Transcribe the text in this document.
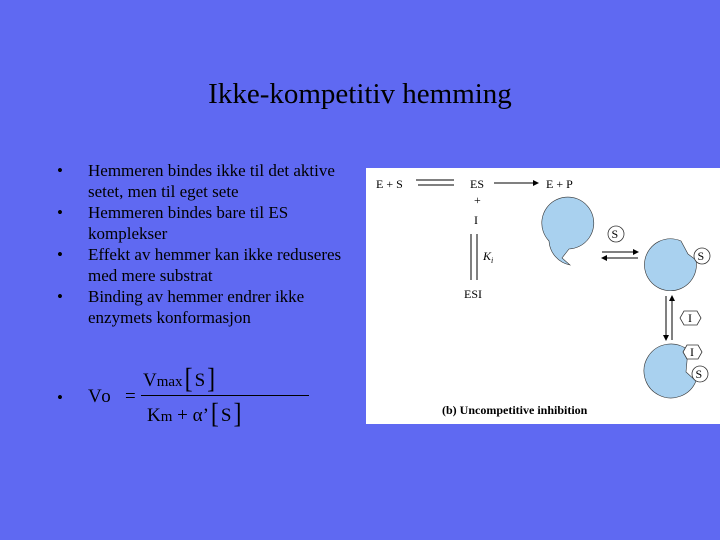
Ikke-kompetitiv hemming
• Hemmeren bindes ikke til det aktive setet, men til eget sete
• Hemmeren bindes bare til ES komplekser
• Effekt av hemmer kan ikke reduseres med mere substrat
• Binding av hemmer endrer ikke enzymets konformasjon
• Vo =
Vmax[ S]
Km + α’[ S]
E + S	ES	E + P
+
I
$K_i$
ESI
S
S
I
I
S
(b) Uncompetitive inhibition
